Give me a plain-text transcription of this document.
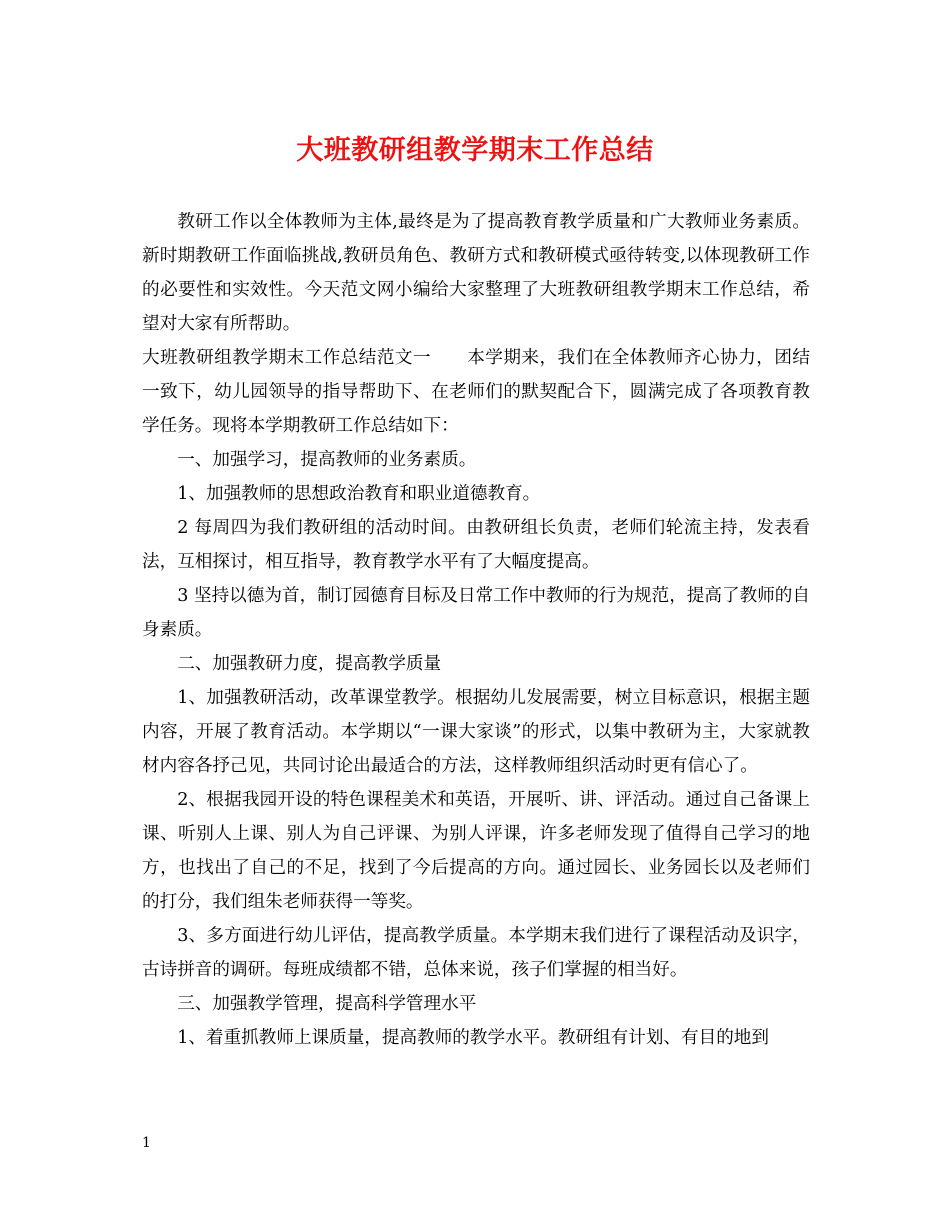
大班教研组教学期末工作总结

教研工作以全体教师为主体,最终是为了提高教育教学质量和广大教师业务素质。新时期教研工作面临挑战,教研员角色、教研方式和教研模式亟待转变,以体现教研工作的必要性和实效性。今天范文网小编给大家整理了大班教研组教学期末工作总结，希望对大家有所帮助。

大班教研组教学期末工作总结范文一　　本学期来，我们在全体教师齐心协力，团结一致下，幼儿园领导的指导帮助下、在老师们的默契配合下，圆满完成了各项教育教学任务。现将本学期教研工作总结如下：

一、加强学习，提高教师的业务素质。

1、加强教师的思想政治教育和职业道德教育。

2 每周四为我们教研组的活动时间。由教研组长负责，老师们轮流主持，发表看法，互相探讨，相互指导，教育教学水平有了大幅度提高。

3 坚持以德为首，制订园德育目标及日常工作中教师的行为规范，提高了教师的自身素质。

二、加强教研力度，提高教学质量

1、加强教研活动，改革课堂教学。根据幼儿发展需要，树立目标意识，根据主题内容，开展了教育活动。本学期以“一课大家谈”的形式，以集中教研为主，大家就教材内容各抒己见，共同讨论出最适合的方法，这样教师组织活动时更有信心了。

2、根据我园开设的特色课程美术和英语，开展听、讲、评活动。通过自己备课上课、听别人上课、别人为自己评课、为别人评课，许多老师发现了值得自己学习的地方，也找出了自己的不足，找到了今后提高的方向。通过园长、业务园长以及老师们的打分，我们组朱老师获得一等奖。

3、多方面进行幼儿评估，提高教学质量。本学期末我们进行了课程活动及识字，古诗拼音的调研。每班成绩都不错，总体来说，孩子们掌握的相当好。

三、加强教学管理，提高科学管理水平

1、着重抓教师上课质量，提高教师的教学水平。教研组有计划、有目的地到

1
